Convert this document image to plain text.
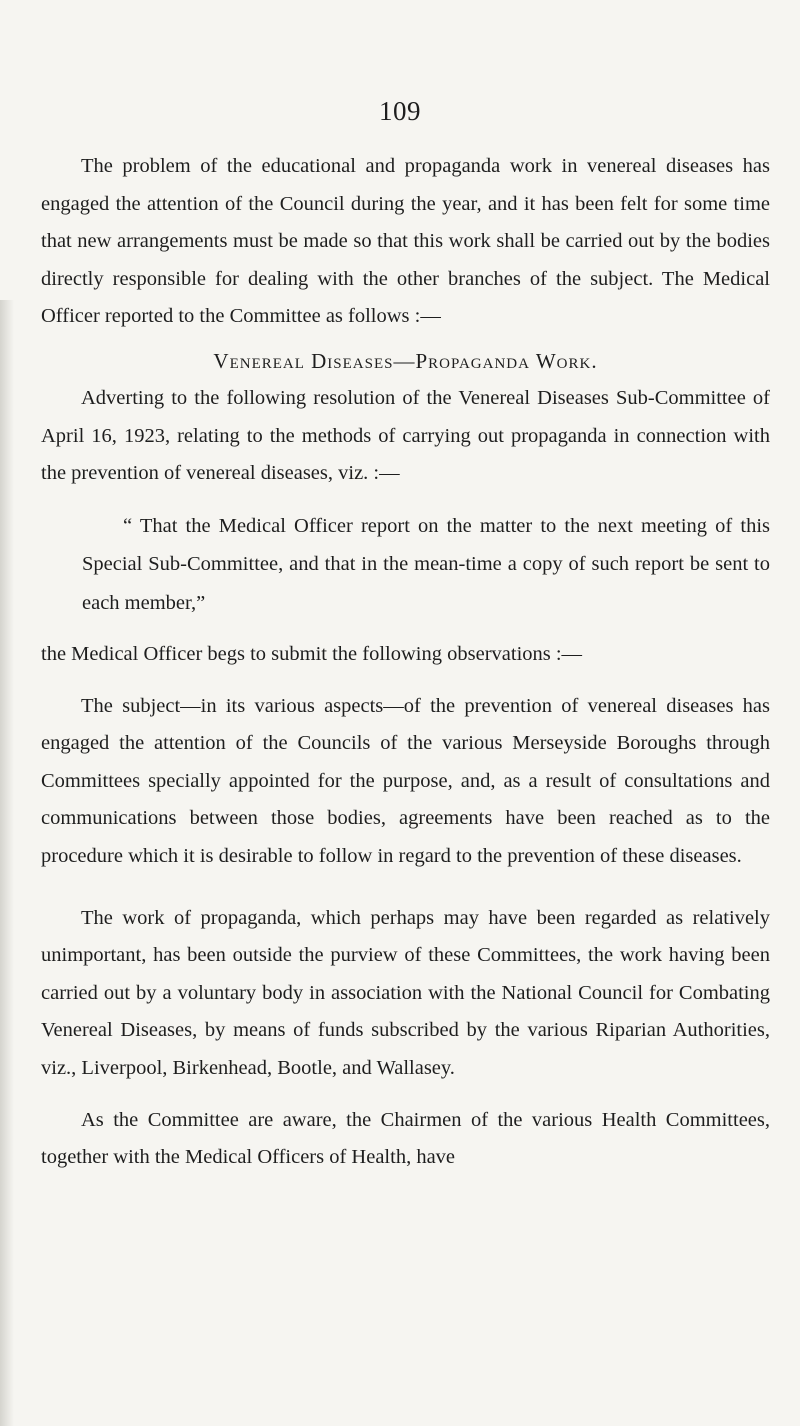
109
The problem of the educational and propaganda work in venereal diseases has engaged the attention of the Council during the year, and it has been felt for some time that new arrangements must be made so that this work shall be carried out by the bodies directly responsible for dealing with the other branches of the subject. The Medical Officer reported to the Committee as follows :—
Venereal Diseases—Propaganda Work.
Adverting to the following resolution of the Venereal Diseases Sub-Committee of April 16, 1923, relating to the methods of carrying out propaganda in connection with the prevention of venereal diseases, viz. :—
“ That the Medical Officer report on the matter to the next meeting of this Special Sub-Committee, and that in the mean-time a copy of such report be sent to each member,”
the Medical Officer begs to submit the following observations :—
The subject—in its various aspects—of the prevention of venereal diseases has engaged the attention of the Councils of the various Merseyside Boroughs through Committees specially appointed for the purpose, and, as a result of consultations and communications between those bodies, agreements have been reached as to the procedure which it is desirable to follow in regard to the prevention of these diseases.
The work of propaganda, which perhaps may have been regarded as relatively unimportant, has been outside the purview of these Committees, the work having been carried out by a voluntary body in association with the National Council for Combating Venereal Diseases, by means of funds subscribed by the various Riparian Authorities, viz., Liverpool, Birkenhead, Bootle, and Wallasey.
As the Committee are aware, the Chairmen of the various Health Committees, together with the Medical Officers of Health, have
